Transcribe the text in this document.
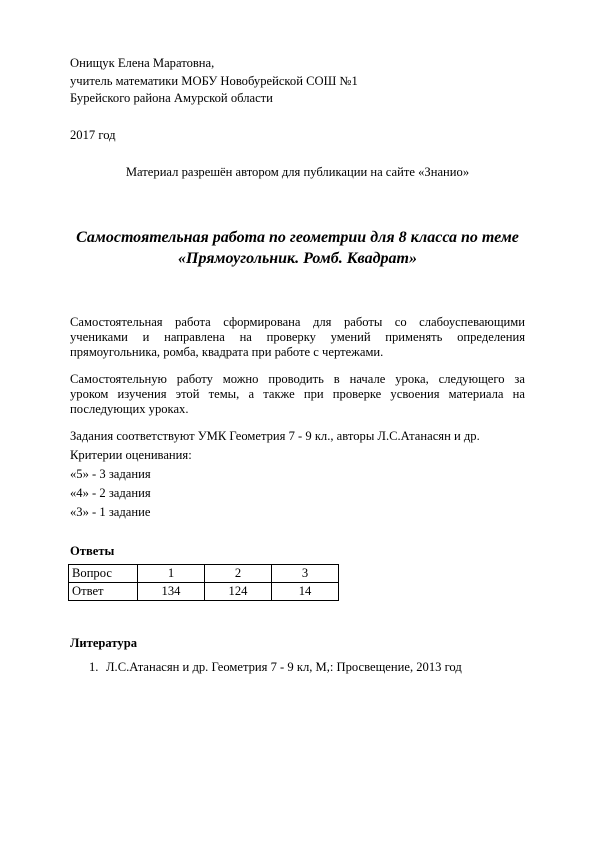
Онищук Елена Маратовна,
учитель математики МОБУ Новобурейской СОШ №1
Бурейского района Амурской области
2017 год
Материал разрешён автором для публикации на сайте «Знанио»
Самостоятельная работа по геометрии для 8 класса по теме
«Прямоугольник. Ромб. Квадрат»
Самостоятельная работа сформирована для работы со слабоуспевающими
учениками и направлена на проверку умений применять определения
прямоугольника, ромба, квадрата при работе с чертежами.
Самостоятельную работу можно проводить в начале урока, следующего за
уроком изучения этой темы, а также при проверке усвоения материала на
последующих уроках.
Задания соответствуют УМК Геометрия 7 - 9 кл., авторы Л.С.Атанасян и др.
Критерии оценивания:
«5» - 3 задания
«4» - 2 задания
«3» - 1 задание
Ответы
Вопрос	1	2	3
Ответ	134	124	14
Литература
1. Л.С.Атанасян и др. Геометрия 7 - 9 кл, М,: Просвещение, 2013 год
